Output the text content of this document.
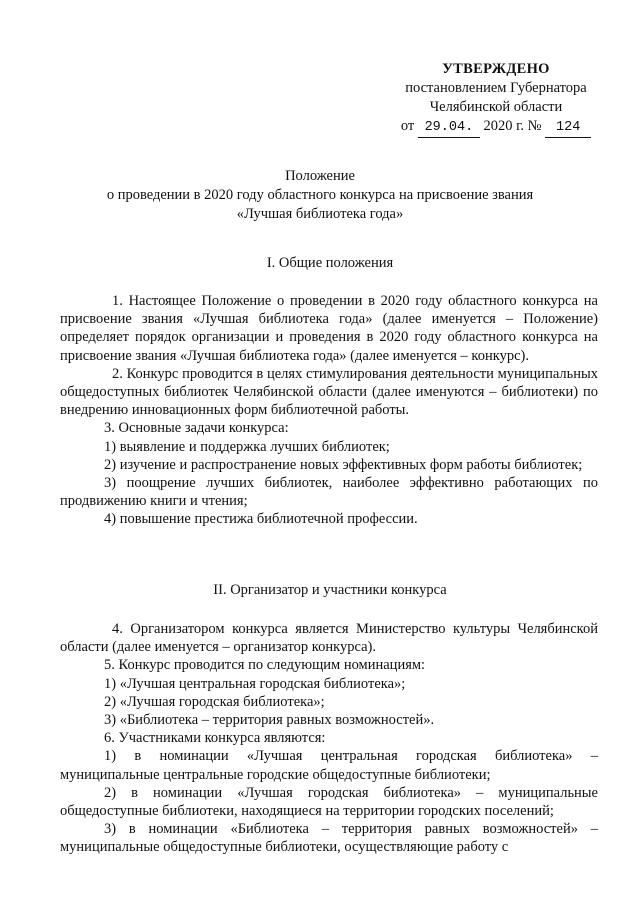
УТВЕРЖДЕНО
постановлением Губернатора
Челябинской области
от 29.04. 2020 г. № 124
Положение
о проведении в 2020 году областного конкурса на присвоение звания
«Лучшая библиотека года»
I. Общие положения

1. Настоящее Положение о проведении в 2020 году областного конкурса на присвоение звания «Лучшая библиотека года» (далее именуется – Положение) определяет порядок организации и проведения в 2020 году областного конкурса на присвоение звания «Лучшая библиотека года» (далее именуется – конкурс).

2. Конкурс проводится в целях стимулирования деятельности муниципальных общедоступных библиотек Челябинской области (далее именуются – библиотеки) по внедрению инновационных форм библиотечной работы.

3. Основные задачи конкурса:

1) выявление и поддержка лучших библиотек;

2) изучение и распространение новых эффективных форм работы библиотек;

3) поощрение лучших библиотек, наиболее эффективно работающих по продвижению книги и чтения;

4) повышение престижа библиотечной профессии.

II. Организатор и участники конкурса

4. Организатором конкурса является Министерство культуры Челябинской области (далее именуется – организатор конкурса).

5. Конкурс проводится по следующим номинациям:

1) «Лучшая центральная городская библиотека»;

2) «Лучшая городская библиотека»;

3) «Библиотека – территория равных возможностей».

6. Участниками конкурса являются:

1) в номинации «Лучшая центральная городская библиотека» – муниципальные центральные городские общедоступные библиотеки;

2) в номинации «Лучшая городская библиотека» – муниципальные общедоступные библиотеки, находящиеся на территории городских поселений;

3) в номинации «Библиотека – территория равных возможностей» – муниципальные общедоступные библиотеки, осуществляющие работу с
